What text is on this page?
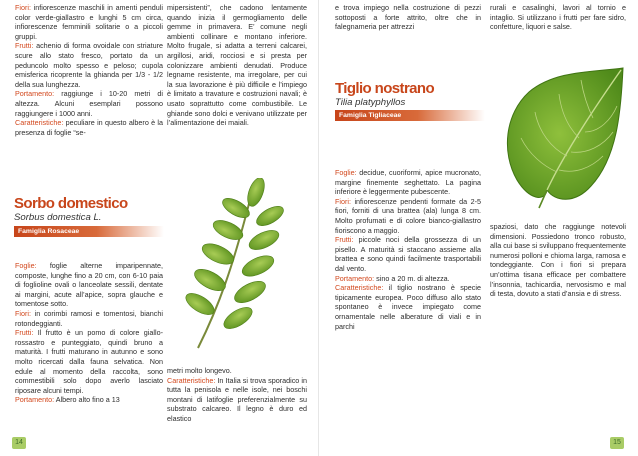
Fiori: infiorescenze maschili in amenti penduli color verde-giallastro e lunghi 5 cm circa, infiorescenze femminili solitarie o a piccoli gruppi.

Frutti: achenio di forma ovoidale con striature scure allo stato fresco, portato da un peduncolo molto spesso e peloso; cupola emisferica ricoprente la ghianda per 1/3 - 1/2 della sua lunghezza.

Portamento: raggiunge i 10-20 metri di altezza. Alcuni esemplari possono raggiungere i 1000 anni.

Caratteristiche: peculiare in questo albero è la presenza di foglie “se-

mipersistenti”, che cadono lentamente quando inizia il germogliamento delle gemme in primavera. E’ comune negli ambienti collinare e montano inferiore. Molto frugale, si adatta a terreni calcarei, argillosi, aridi, rocciosi e si presta per colonizzare ambienti denudati. Produce legname resistente, ma irregolare, per cui la sua lavorazione è più difficile e l’impiego è limitato a travature e costruzioni navali; è usato soprattutto come combustibile. Le ghiande sono dolci e venivano utilizzate per l’alimentazione dei maiali.

Sorbo domestico
Sorbus domestica L.
Famiglia Rosaceae

Foglie: foglie alterne imparipennate, composte, lunghe fino a 20 cm, con 6-10 paia di foglioline ovali o lanceolate sessili, dentate ai margini, acute all’apice, sopra glauche e tomentose sotto.

Fiori: in corimbi ramosi e tomentosi, bianchi rotondeggianti.

Frutti: Il frutto è un pomo di colore giallo-rossastro e punteggiato, quindi bruno a maturità. I frutti maturano in autunno e sono molto ricercati dalla fauna selvatica. Non edule al momento della raccolta, sono commestibili solo dopo averlo lasciato riposare alcuni tempi.

Portamento: Albero alto fino a 13

metri molto longevo.

Caratteristiche: In Italia si trova sporadico in tutta la penisola e nelle isole, nei boschi montani di latifoglie preferenzialmente su substrato calcareo. Il legno è duro ed elastico

14

e trova impiego nella costruzione di pezzi sottoposti a forte attrito, oltre che in falegnameria per attrezzi

rurali e casalinghi, lavori al tornio e intaglio. Si utilizzano i frutti per fare sidro, confetture, liquori e salse.

Tiglio nostrano
Tilia platyphyllos
Famiglia Tigliaceae

Foglie: decidue, cuoriformi, apice mucronato, margine finemente seghettato. La pagina inferiore è leggermente pubescente.

Fiori: infiorescenze pendenti formate da 2-5 fiori, forniti di una brattea (ala) lunga 8 cm. Molto profumati e di colore bianco-giallastro fioriscono a maggio.

Frutti: piccole noci della grossezza di un pisello. A maturità si staccano assieme alla brattea e sono quindi facilmente trasportabili dal vento.

Portamento: sino a 20 m. di altezza.

Caratteristiche: il tiglio nostrano è specie tipicamente europea. Poco diffuso allo stato spontaneo è invece impiegato come ornamentale nelle alberature di viali e in parchi

spaziosi, dato che raggiunge notevoli dimensioni. Possiedono tronco robusto, alla cui base si sviluppano frequentemente numerosi polloni e chioma larga, ramosa e tondeggiante. Con i fiori si prepara un’ottima tisana efficace per combattere l’insonnia, tachicardia, nervosismo e mal di testa, dovuto a stati d’ansia e di stress.

15
